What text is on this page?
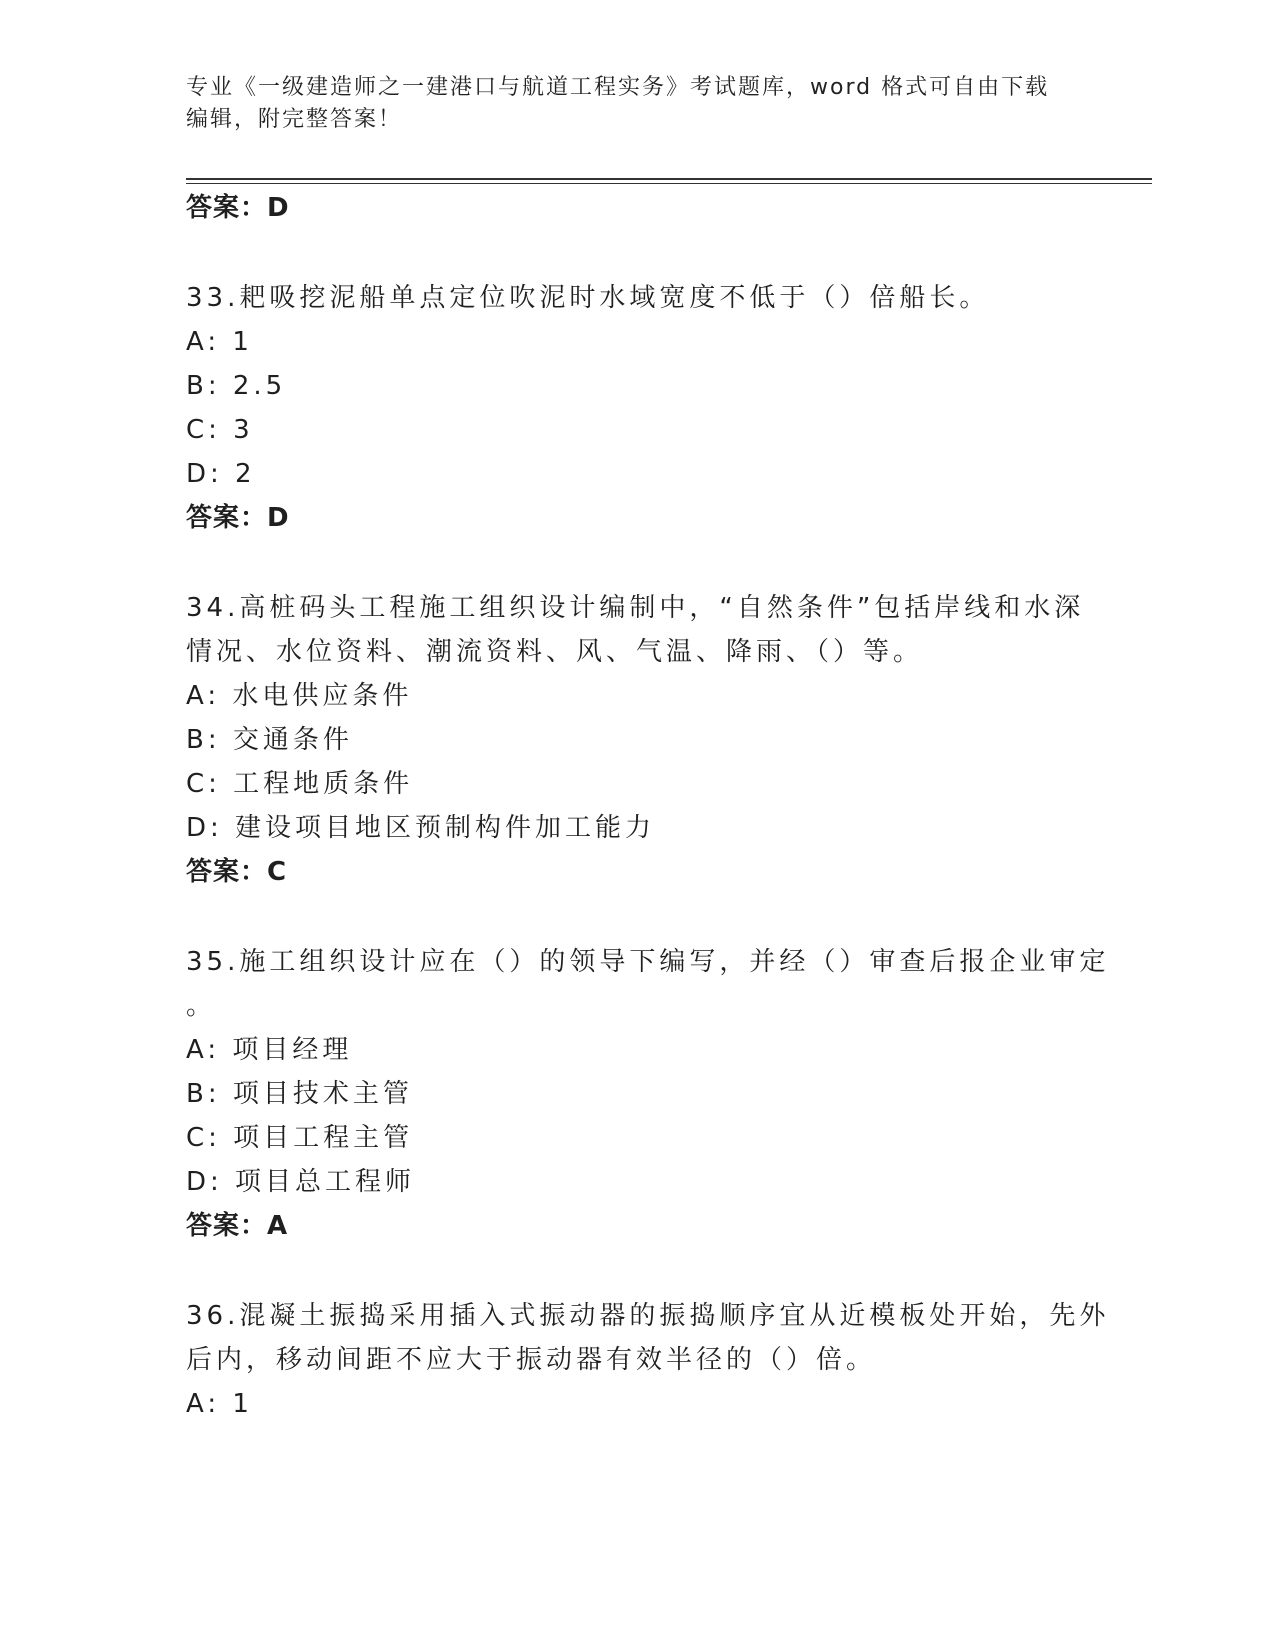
专业《一级建造师之一建港口与航道工程实务》考试题库，word 格式可自由下载
编辑，附完整答案！
答案：D
33.耙吸挖泥船单点定位吹泥时水域宽度不低于（）倍船长。
A: 1
B: 2.5
C: 3
D: 2
答案：D
34.高桩码头工程施工组织设计编制中，“自然条件”包括岸线和水深
情况、水位资料、潮流资料、风、气温、降雨、（）等。
A: 水电供应条件
B: 交通条件
C: 工程地质条件
D: 建设项目地区预制构件加工能力
答案：C
35.施工组织设计应在（）的领导下编写，并经（）审查后报企业审定
。
A: 项目经理
B: 项目技术主管
C: 项目工程主管
D: 项目总工程师
答案：A
36.混凝土振捣采用插入式振动器的振捣顺序宜从近模板处开始，先外
后内，移动间距不应大于振动器有效半径的（）倍。
A: 1
